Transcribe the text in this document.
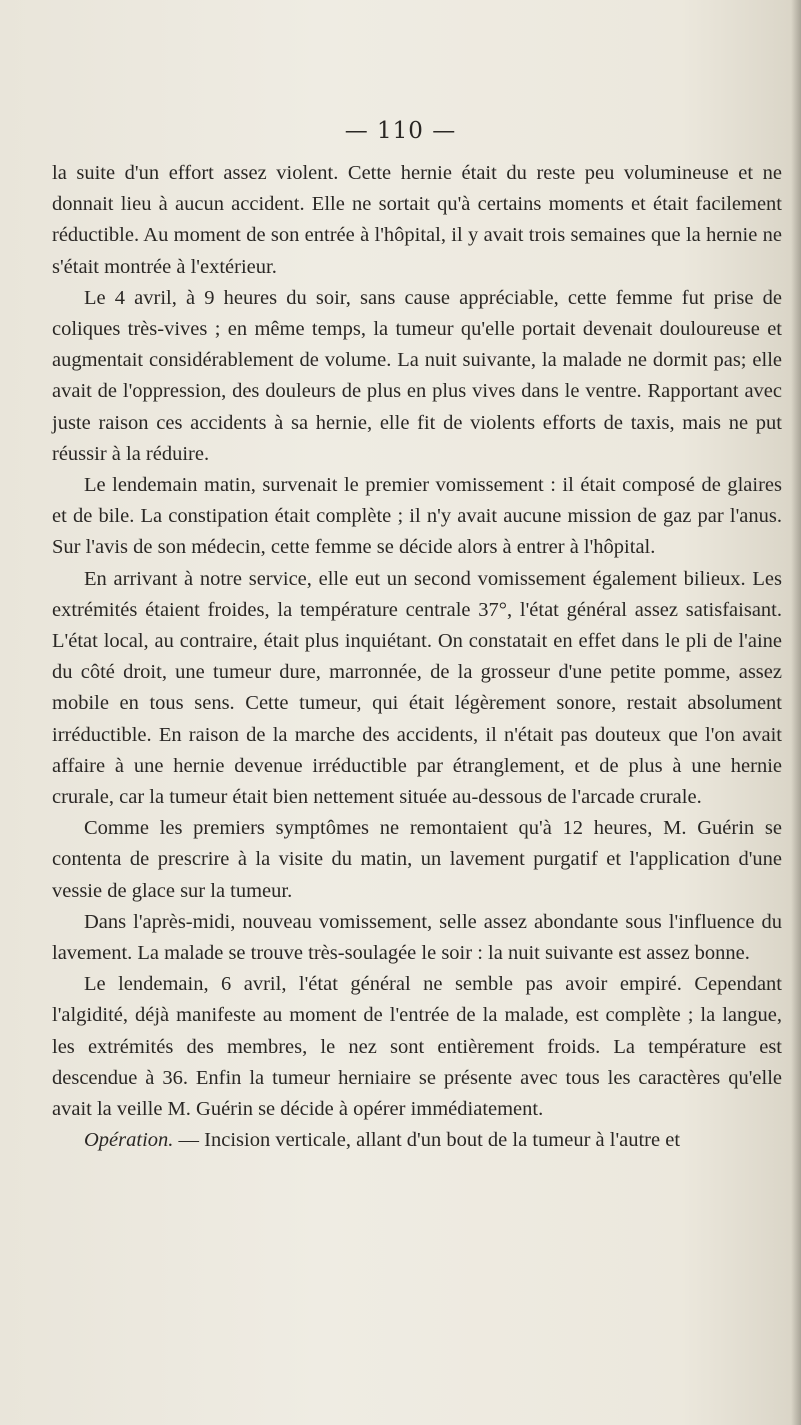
— 110 —

la suite d'un effort assez violent. Cette hernie était du reste peu volumineuse et ne donnait lieu à aucun accident. Elle ne sortait qu'à certains moments et était facilement réductible. Au moment de son entrée à l'hôpital, il y avait trois semaines que la hernie ne s'était montrée à l'extérieur.

Le 4 avril, à 9 heures du soir, sans cause appréciable, cette femme fut prise de coliques très-vives ; en même temps, la tumeur qu'elle portait devenait douloureuse et augmentait considérablement de volume. La nuit suivante, la malade ne dormit pas; elle avait de l'oppression, des douleurs de plus en plus vives dans le ventre. Rapportant avec juste raison ces accidents à sa hernie, elle fit de violents efforts de taxis, mais ne put réussir à la réduire.

Le lendemain matin, survenait le premier vomissement : il était composé de glaires et de bile. La constipation était complète ; il n'y avait aucune mission de gaz par l'anus. Sur l'avis de son médecin, cette femme se décide alors à entrer à l'hôpital.

En arrivant à notre service, elle eut un second vomissement également bilieux. Les extrémités étaient froides, la température centrale 37°, l'état général assez satisfaisant. L'état local, au contraire, était plus inquiétant. On constatait en effet dans le pli de l'aine du côté droit, une tumeur dure, marronnée, de la grosseur d'une petite pomme, assez mobile en tous sens. Cette tumeur, qui était légèrement sonore, restait absolument irréductible. En raison de la marche des accidents, il n'était pas douteux que l'on avait affaire à une hernie devenue irréductible par étranglement, et de plus à une hernie crurale, car la tumeur était bien nettement située au-dessous de l'arcade crurale.

Comme les premiers symptômes ne remontaient qu'à 12 heures, M. Guérin se contenta de prescrire à la visite du matin, un lavement purgatif et l'application d'une vessie de glace sur la tumeur.

Dans l'après-midi, nouveau vomissement, selle assez abondante sous l'influence du lavement. La malade se trouve très-soulagée le soir : la nuit suivante est assez bonne.

Le lendemain, 6 avril, l'état général ne semble pas avoir empiré. Cependant l'algidité, déjà manifeste au moment de l'entrée de la malade, est complète ; la langue, les extrémités des membres, le nez sont entièrement froids. La température est descendue à 36. Enfin la tumeur herniaire se présente avec tous les caractères qu'elle avait la veille M. Guérin se décide à opérer immédiatement.

Opération. — Incision verticale, allant d'un bout de la tumeur à l'autre et
